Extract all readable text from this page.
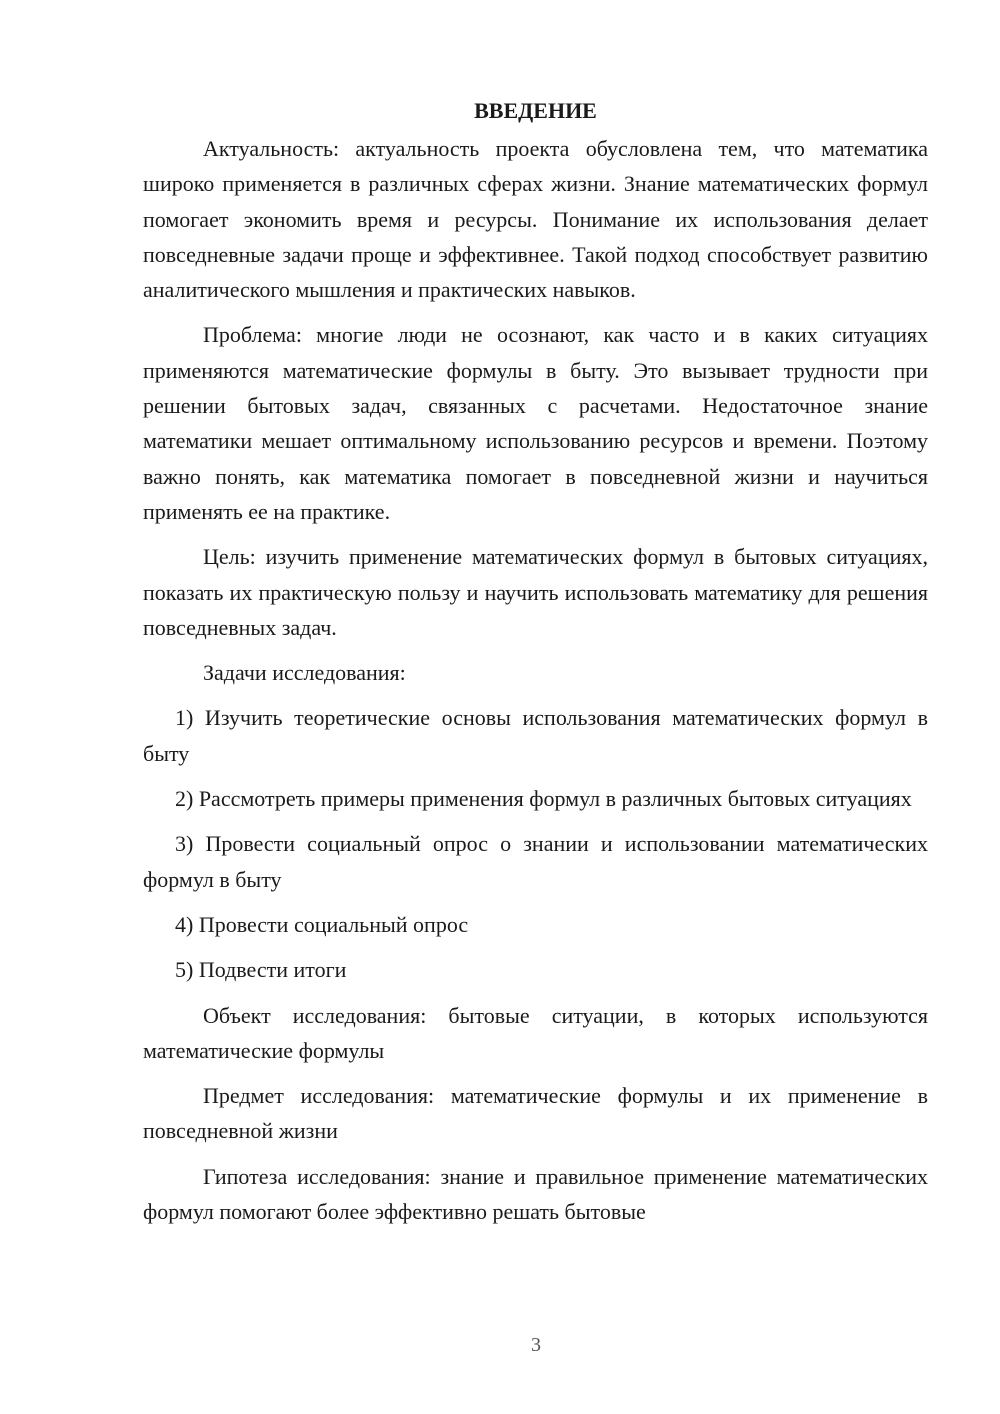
ВВЕДЕНИЕ

Актуальность: актуальность проекта обусловлена тем, что математика широко применяется в различных сферах жизни. Знание математических формул помогает экономить время и ресурсы. Понимание их использования делает повседневные задачи проще и эффективнее. Такой подход способствует развитию аналитического мышления и практических навыков.

Проблема: многие люди не осознают, как часто и в каких ситуациях применяются математические формулы в быту. Это вызывает трудности при решении бытовых задач, связанных с расчетами. Недостаточное знание математики мешает оптимальному использованию ресурсов и времени. Поэтому важно понять, как математика помогает в повседневной жизни и научиться применять ее на практике.

Цель: изучить применение математических формул в бытовых ситуациях, показать их практическую пользу и научить использовать математику для решения повседневных задач.

Задачи исследования:

1) Изучить теоретические основы использования математических формул в быту

2) Рассмотреть примеры применения формул в различных бытовых ситуациях

3) Провести социальный опрос о знании и использовании математических формул в быту

4) Провести социальный опрос

5) Подвести итоги

Объект исследования: бытовые ситуации, в которых используются математические формулы

Предмет исследования: математические формулы и их применение в повседневной жизни

Гипотеза исследования: знание и правильное применение математических формул помогают более эффективно решать бытовые

3
